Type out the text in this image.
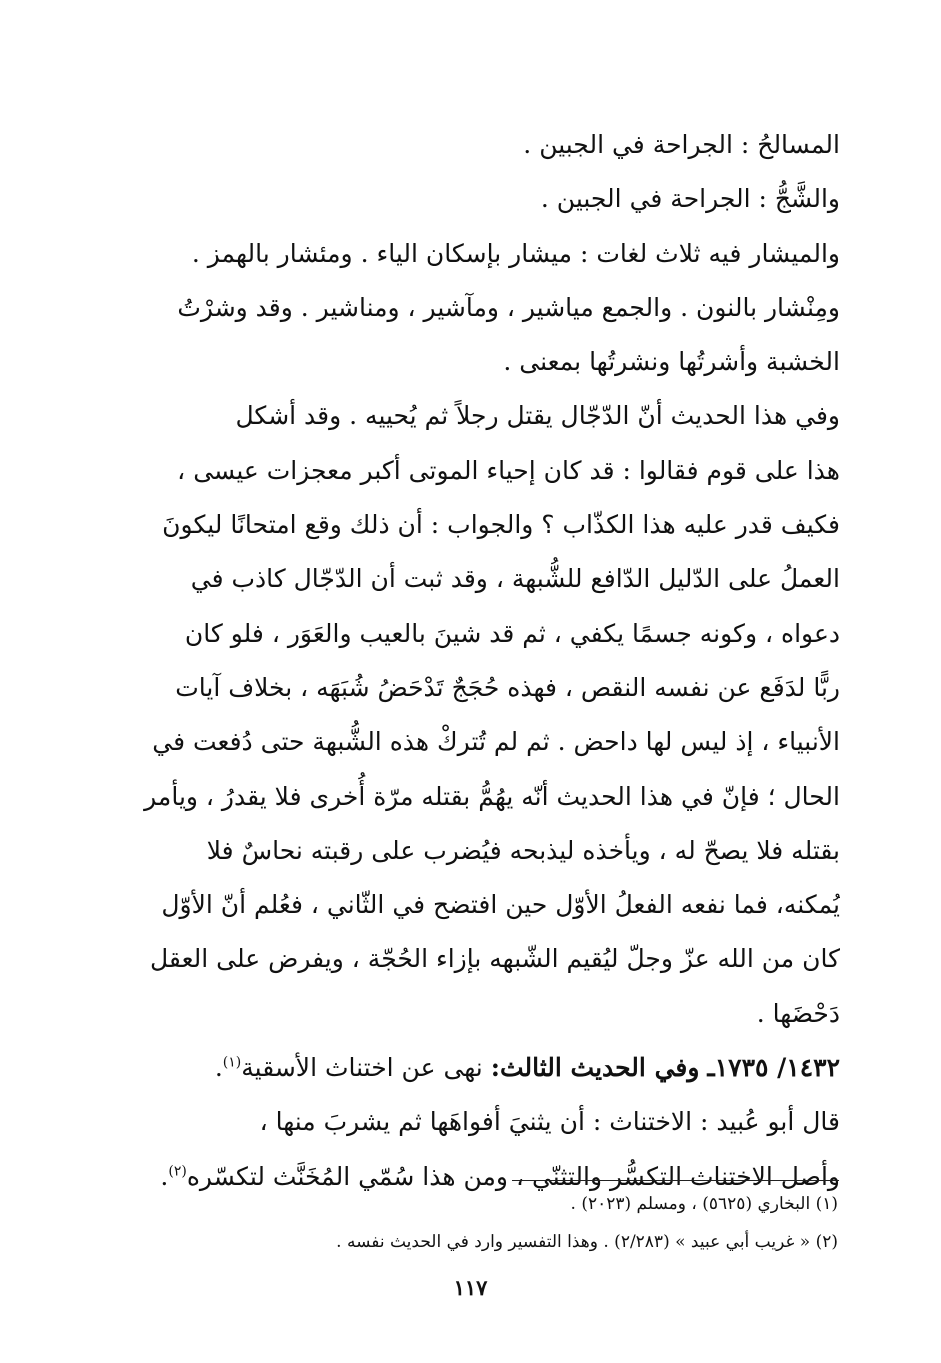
المسالحُ : الجراحة في الجبين .

والشَّجُّ : الجراحة في الجبين .

والميشار فيه ثلاث لغات : ميشار بإسكان الياء . ومئشار بالهمز .

ومِنْشار بالنون . والجمع مياشير ، ومآشير ، ومناشير . وقد وشرْتُ

الخشبة وأشرتُها ونشرتُها بمعنى .

وفي هذا الحديث أنّ الدّجّال يقتل رجلاً ثم يُحييه . وقد أشكل

هذا على قوم فقالوا : قد كان إحياء الموتى أكبر معجزات عيسى ،

فكيف قدر عليه هذا الكذّاب ؟ والجواب : أن ذلك وقع امتحانًا ليكونَ

العملُ على الدّليل الدّافع للشُّبهة ، وقد ثبت أن الدّجّال كاذب في

دعواه ، وكونه جسمًا يكفي ، ثم قد شينَ بالعيب والعَوَر ، فلو كان

ربًّا لدَفَع عن نفسه النقص ، فهذه حُجَجٌ تَدْحَضُ شُبَهَه ، بخلاف آيات

الأنبياء ، إذ ليس لها داحض . ثم لم تُتركْ هذه الشُّبهة حتى دُفعت في

الحال ؛ فإنّ في هذا الحديث أنّه يهُمُّ بقتله مرّة أُخرى فلا يقدرُ ، ويأمر

بقتله فلا يصحّ له ، ويأخذه ليذبحه فيُضرب على رقبته نحاسٌ فلا

يُمكنه، فما نفعه الفعلُ الأوّل حين افتضح في الثّاني ، فعُلم أنّ الأوّل

كان من الله عزّ وجلّ ليُقيم الشّبهه بإزاء الحُجّة ، ويفرض على العقل

دَحْضَها .

١٤٣٢/ ١٧٣٥ـ وفي الحديث الثالث: نهى عن اختناث الأسقية$^{(١)}$.

قال أبو عُبيد : الاختناث : أن يثنيَ أفواهَها ثم يشربَ منها ،

وأصل الاختناث التكسُّر والتثنّي ، ومن هذا سُمّي المُخَنَّث لتكسّره$^{(٢)}$.

(١) البخاري (٥٦٢٥) ، ومسلم (٢٠٢٣) .

(٢) « غريب أبي عبيد » (٢/٢٨٣) . وهذا التفسير وارد في الحديث نفسه .

١١٧
